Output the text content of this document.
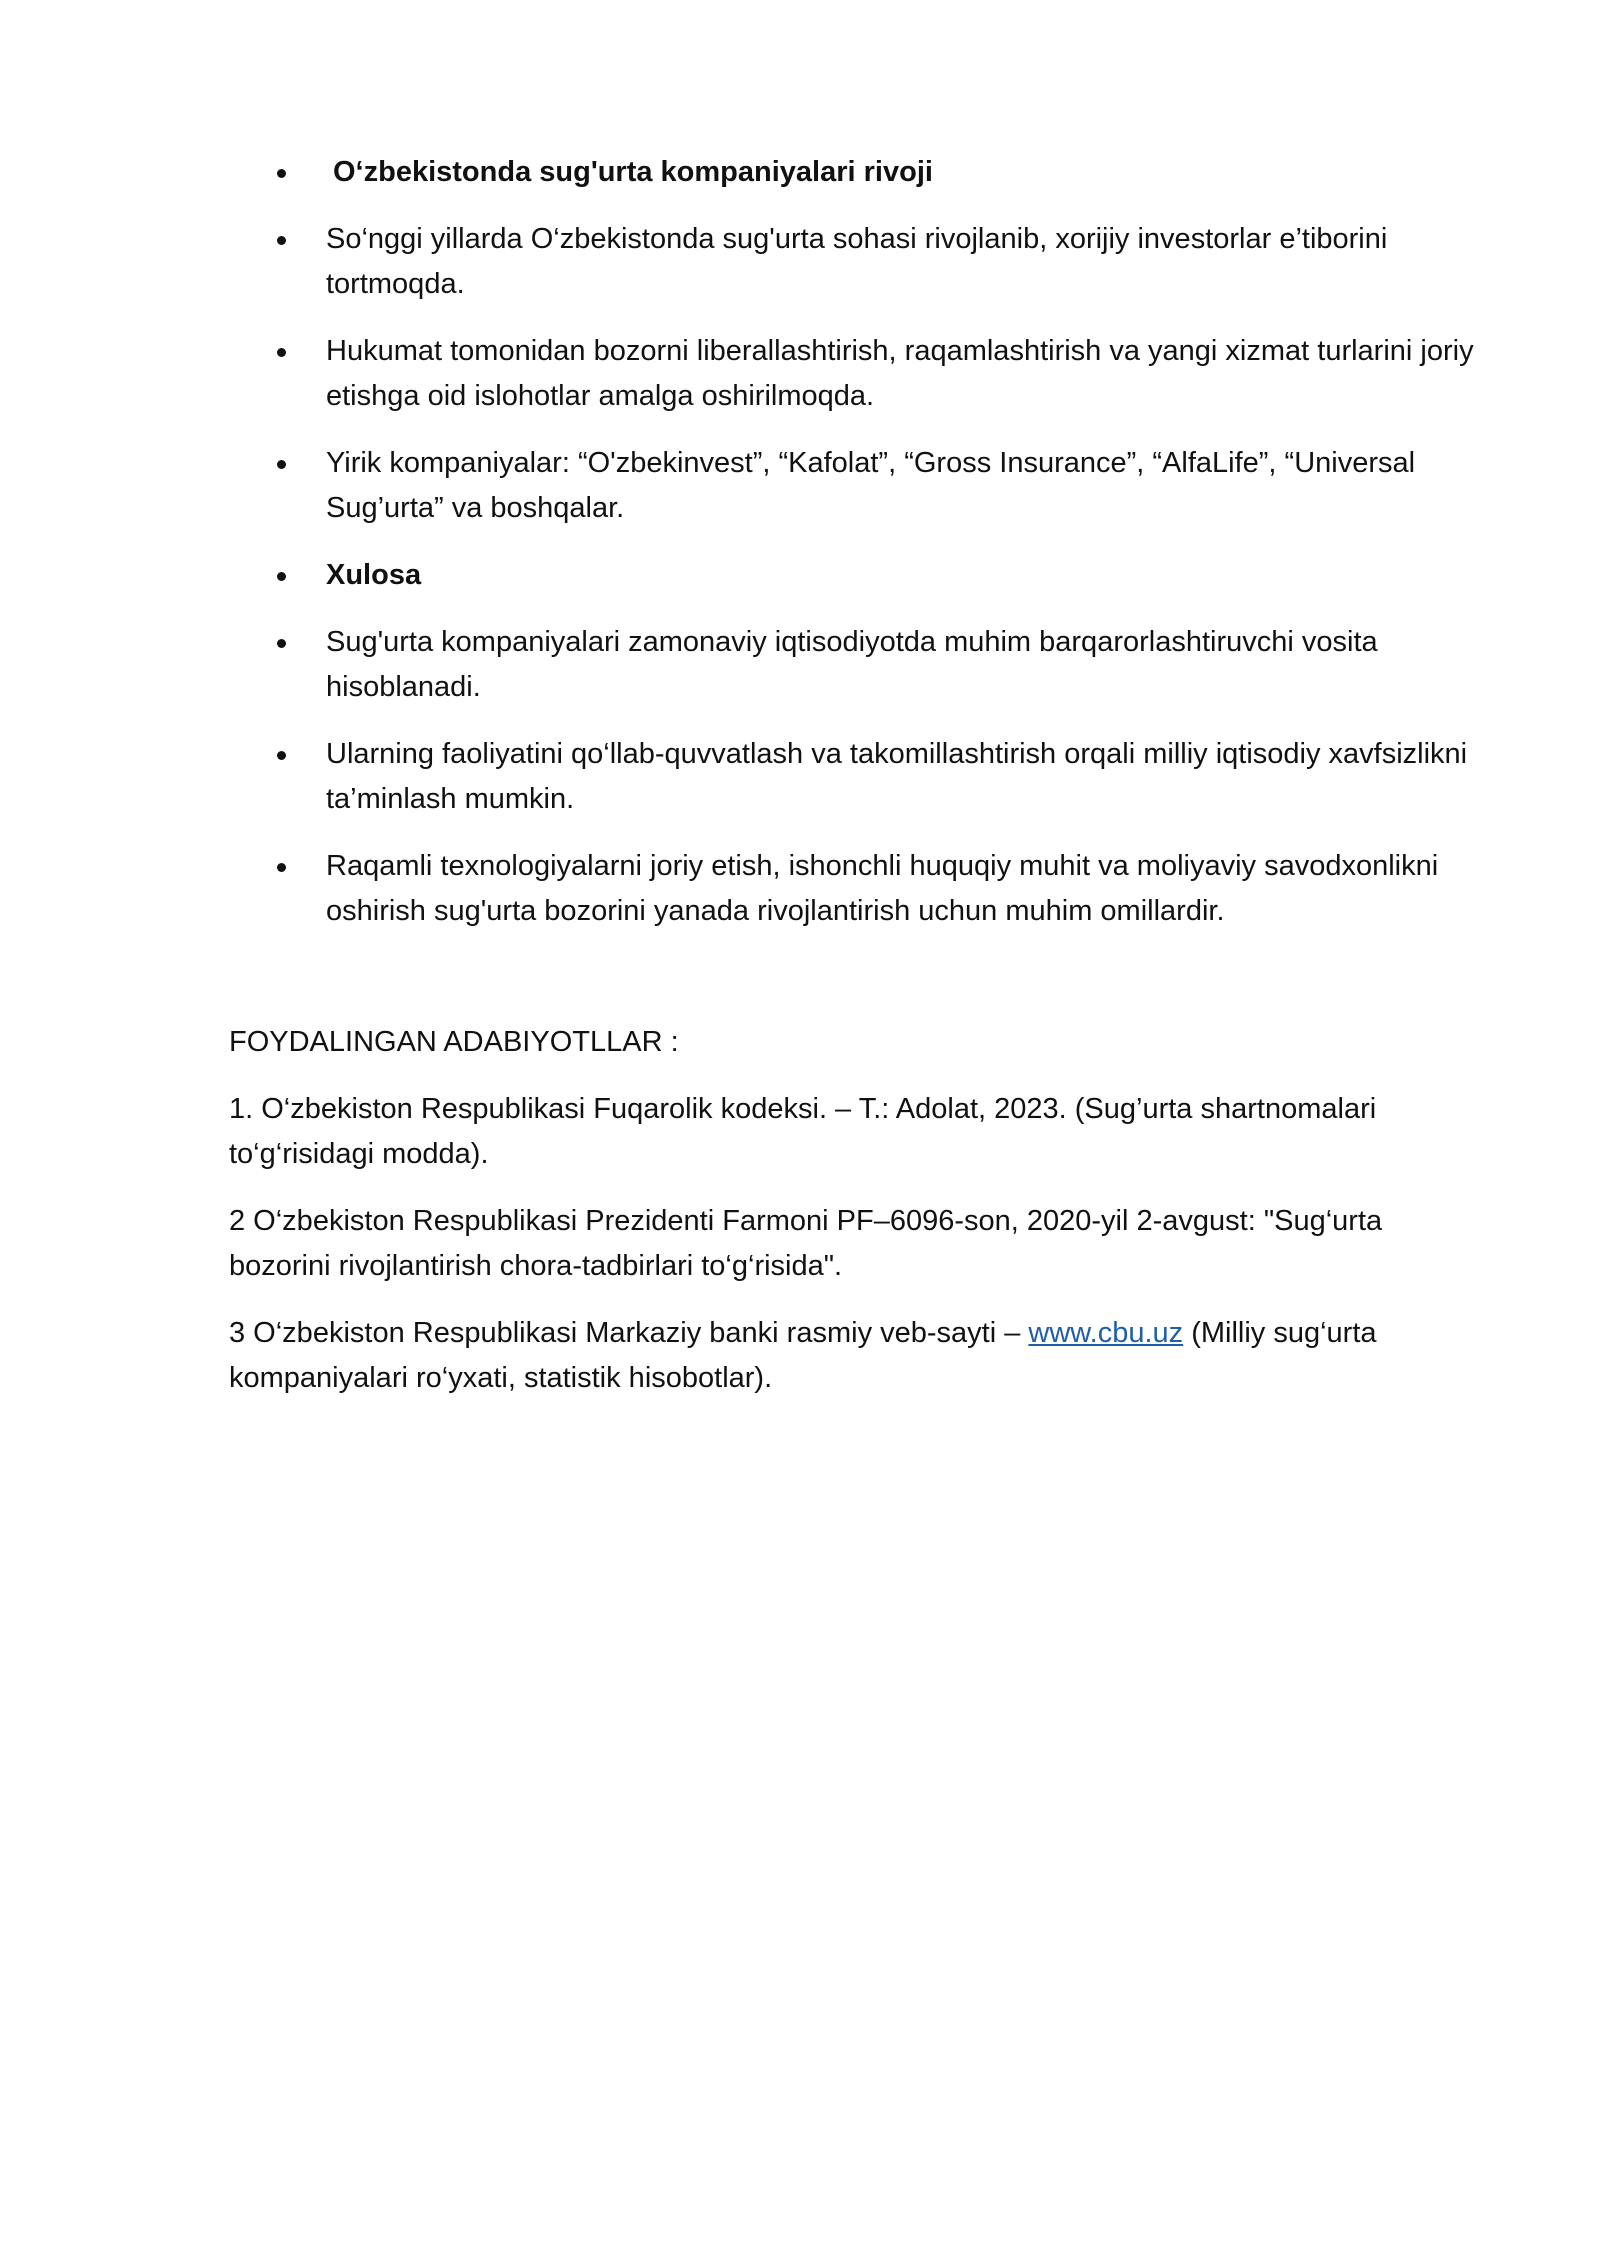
O‘zbekistonda sug'urta kompaniyalari rivoji
So‘nggi yillarda O‘zbekistonda sug'urta sohasi rivojlanib, xorijiy investorlar e’tiborini tortmoqda.
Hukumat tomonidan bozorni liberallashtirish, raqamlashtirish va yangi xizmat turlarini joriy etishga oid islohotlar amalga oshirilmoqda.
Yirik kompaniyalar: “O'zbekinvest”, “Kafolat”, “Gross Insurance”, “AlfaLife”, “Universal Sug’urta” va boshqalar.
Xulosa
Sug'urta kompaniyalari zamonaviy iqtisodiyotda muhim barqarorlashtiruvchi vosita hisoblanadi.
Ularning faoliyatini qo‘llab-quvvatlash va takomillashtirish orqali milliy iqtisodiy xavfsizlikni ta’minlash mumkin.
Raqamli texnologiyalarni joriy etish, ishonchli huquqiy muhit va moliyaviy savodxonlikni oshirish sug'urta bozorini yanada rivojlantirish uchun muhim omillardir.

FOYDALINGAN ADABIYOTLLAR :

1. O‘zbekiston Respublikasi Fuqarolik kodeksi. – T.: Adolat, 2023. (Sug’urta shartnomalari to‘g‘risidagi modda).

2 O‘zbekiston Respublikasi Prezidenti Farmoni PF–6096-son, 2020-yil 2-avgust: "Sug‘urta bozorini rivojlantirish chora-tadbirlari to‘g‘risida".

3 O‘zbekiston Respublikasi Markaziy banki rasmiy veb-sayti – www.cbu.uz (Milliy sug‘urta kompaniyalari ro‘yxati, statistik hisobotlar).
